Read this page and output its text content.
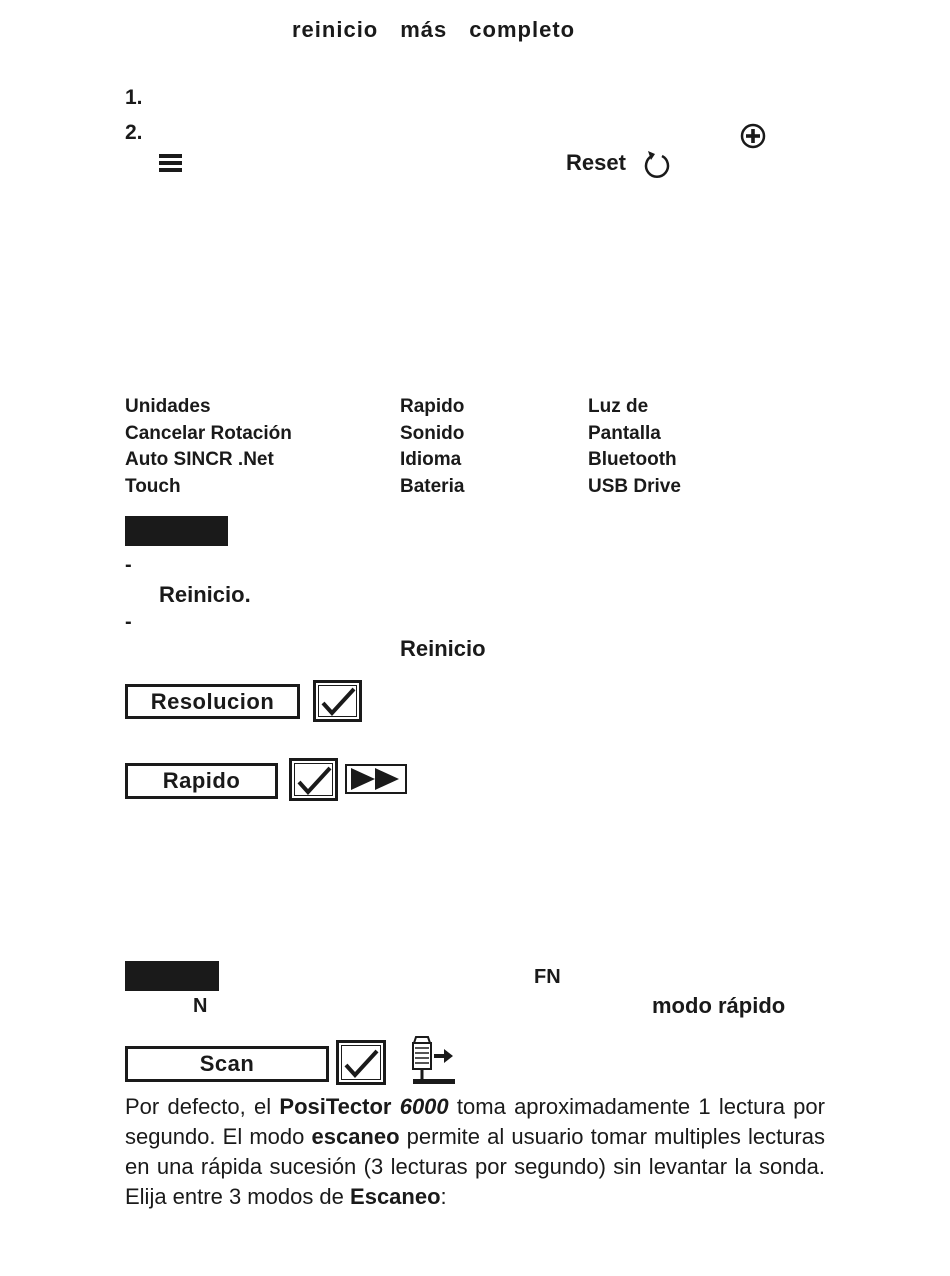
reinicio más completo
1.
2.
Reset
Unidades
Cancelar Rotación
Auto SINCR .Net
Touch
Rapido
Sonido
Idioma
Bateria
Luz de
Pantalla
Bluetooth
USB Drive
-
Reinicio.
-
Reinicio
Resolucion
Rapido
FN
N	modo rápido
Scan
Por defecto, el PosiTector 6000 toma aproximadamente 1 lectura por segundo. El modo escaneo permite al usuario tomar multiples lecturas en una rápida sucesión (3 lecturas por segundo) sin levantar la sonda. Elija entre 3 modos de Escaneo:
